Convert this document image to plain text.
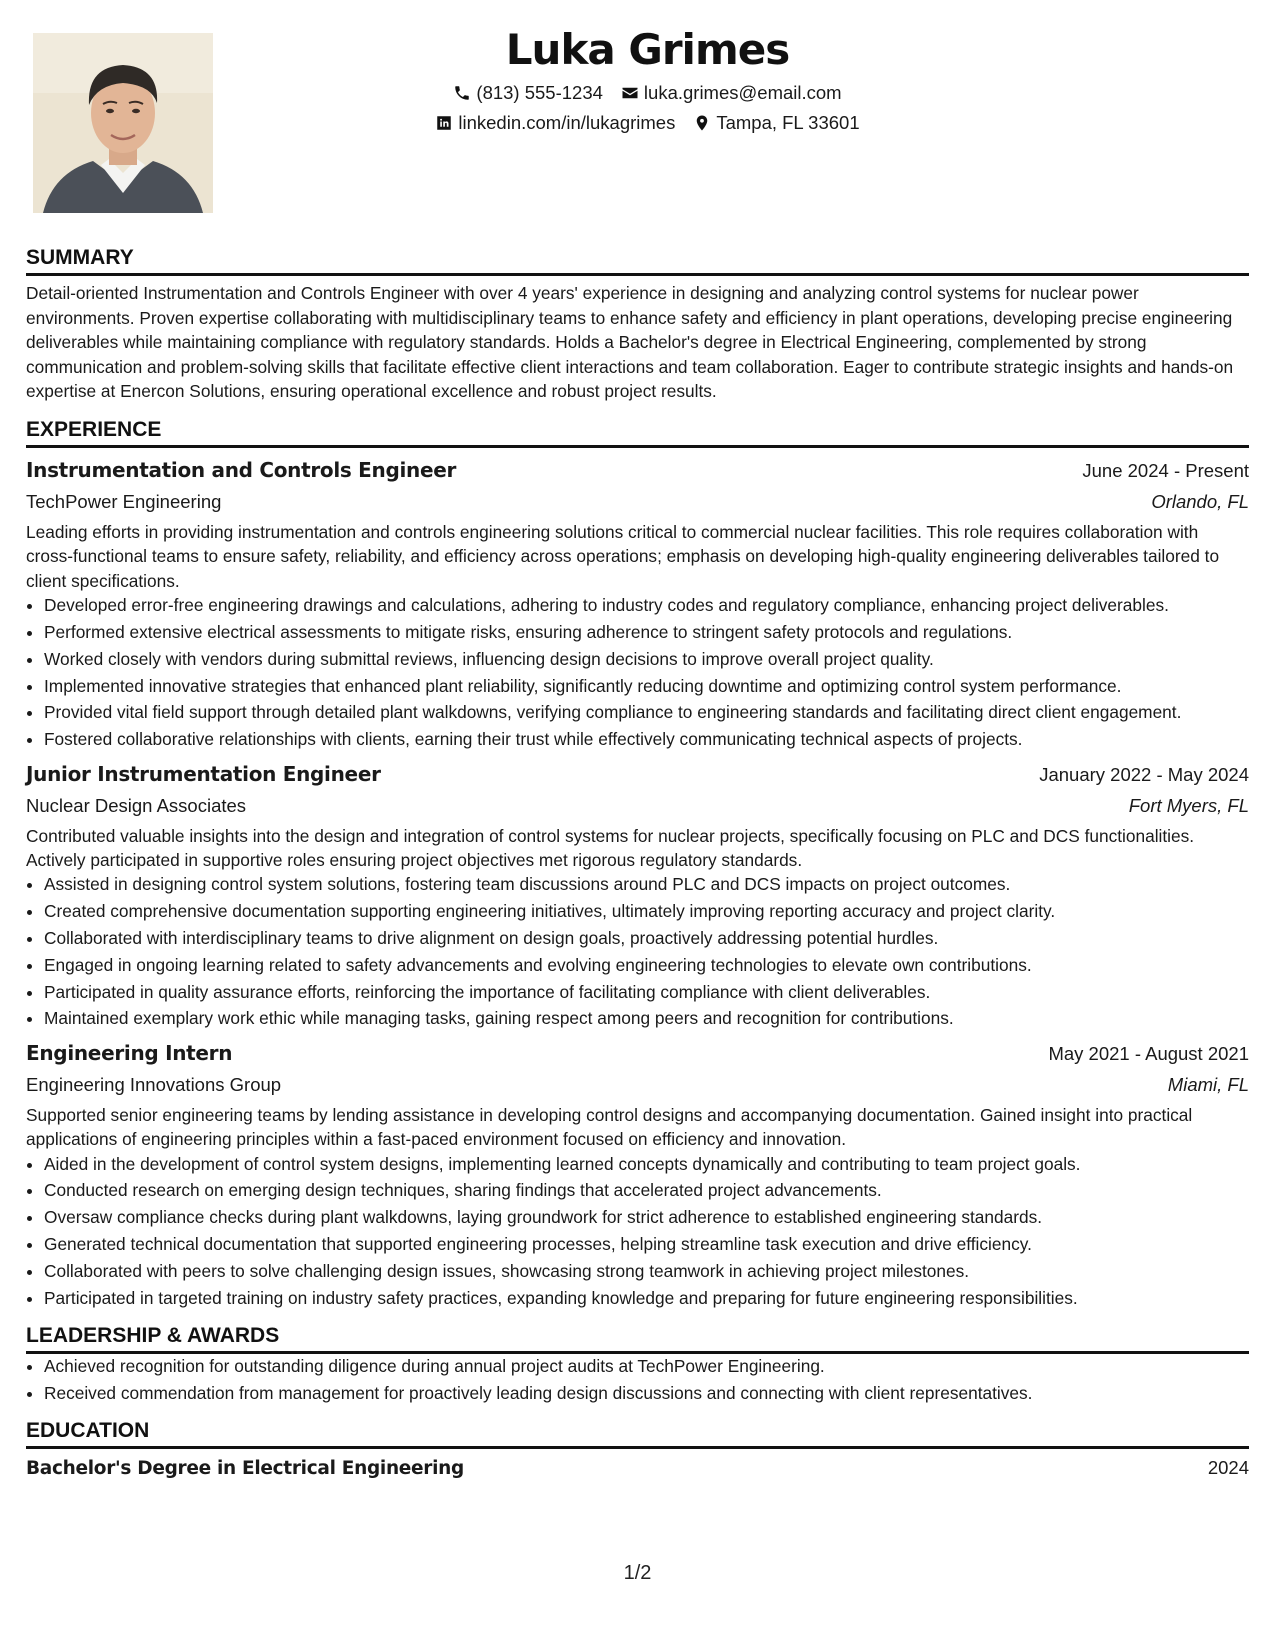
Luka Grimes
(813) 555-1234 luka.grimes@email.com
linkedin.com/in/lukagrimes Tampa, FL 33601
SUMMARY
Detail-oriented Instrumentation and Controls Engineer with over 4 years' experience in designing and analyzing control systems for nuclear power environments. Proven expertise collaborating with multidisciplinary teams to enhance safety and efficiency in plant operations, developing precise engineering deliverables while maintaining compliance with regulatory standards. Holds a Bachelor's degree in Electrical Engineering, complemented by strong communication and problem-solving skills that facilitate effective client interactions and team collaboration. Eager to contribute strategic insights and hands-on expertise at Enercon Solutions, ensuring operational excellence and robust project results.
EXPERIENCE
Instrumentation and Controls Engineer	June 2024 - Present
TechPower Engineering	Orlando, FL
Leading efforts in providing instrumentation and controls engineering solutions critical to commercial nuclear facilities. This role requires collaboration with cross-functional teams to ensure safety, reliability, and efficiency across operations; emphasis on developing high-quality engineering deliverables tailored to client specifications.
• Developed error-free engineering drawings and calculations, adhering to industry codes and regulatory compliance, enhancing project deliverables.
• Performed extensive electrical assessments to mitigate risks, ensuring adherence to stringent safety protocols and regulations.
• Worked closely with vendors during submittal reviews, influencing design decisions to improve overall project quality.
• Implemented innovative strategies that enhanced plant reliability, significantly reducing downtime and optimizing control system performance.
• Provided vital field support through detailed plant walkdowns, verifying compliance to engineering standards and facilitating direct client engagement.
• Fostered collaborative relationships with clients, earning their trust while effectively communicating technical aspects of projects.
Junior Instrumentation Engineer	January 2022 - May 2024
Nuclear Design Associates	Fort Myers, FL
Contributed valuable insights into the design and integration of control systems for nuclear projects, specifically focusing on PLC and DCS functionalities. Actively participated in supportive roles ensuring project objectives met rigorous regulatory standards.
• Assisted in designing control system solutions, fostering team discussions around PLC and DCS impacts on project outcomes.
• Created comprehensive documentation supporting engineering initiatives, ultimately improving reporting accuracy and project clarity.
• Collaborated with interdisciplinary teams to drive alignment on design goals, proactively addressing potential hurdles.
• Engaged in ongoing learning related to safety advancements and evolving engineering technologies to elevate own contributions.
• Participated in quality assurance efforts, reinforcing the importance of facilitating compliance with client deliverables.
• Maintained exemplary work ethic while managing tasks, gaining respect among peers and recognition for contributions.
Engineering Intern	May 2021 - August 2021
Engineering Innovations Group	Miami, FL
Supported senior engineering teams by lending assistance in developing control designs and accompanying documentation. Gained insight into practical applications of engineering principles within a fast-paced environment focused on efficiency and innovation.
• Aided in the development of control system designs, implementing learned concepts dynamically and contributing to team project goals.
• Conducted research on emerging design techniques, sharing findings that accelerated project advancements.
• Oversaw compliance checks during plant walkdowns, laying groundwork for strict adherence to established engineering standards.
• Generated technical documentation that supported engineering processes, helping streamline task execution and drive efficiency.
• Collaborated with peers to solve challenging design issues, showcasing strong teamwork in achieving project milestones.
• Participated in targeted training on industry safety practices, expanding knowledge and preparing for future engineering responsibilities.
LEADERSHIP & AWARDS
• Achieved recognition for outstanding diligence during annual project audits at TechPower Engineering.
• Received commendation from management for proactively leading design discussions and connecting with client representatives.
EDUCATION
Bachelor's Degree in Electrical Engineering	2024
1/2
